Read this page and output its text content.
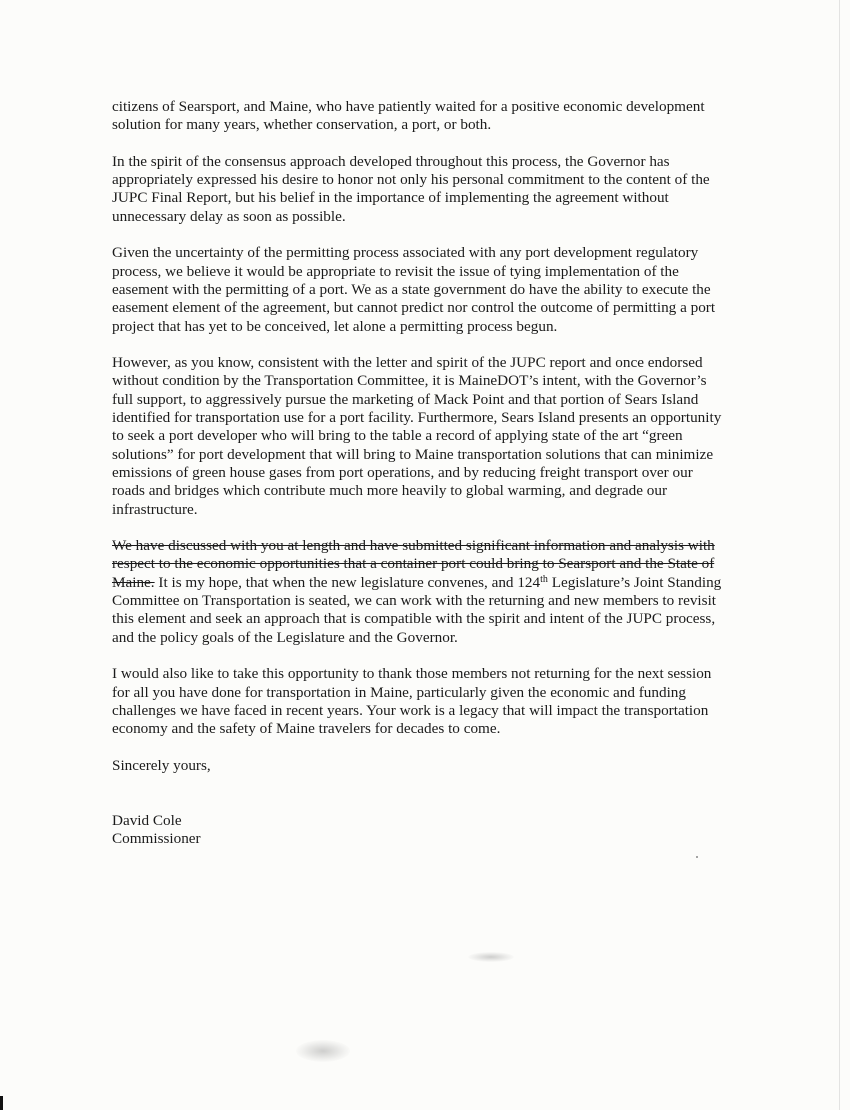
citizens of Searsport, and Maine, who have patiently waited for a positive economic development solution for many years, whether conservation, a port, or both.

In the spirit of the consensus approach developed throughout this process, the Governor has appropriately expressed his desire to honor not only his personal commitment to the content of the JUPC Final Report, but his belief in the importance of implementing the agreement without unnecessary delay as soon as possible.

Given the uncertainty of the permitting process associated with any port development regulatory process, we believe it would be appropriate to revisit the issue of tying implementation of the easement with the permitting of a port. We as a state government do have the ability to execute the easement element of the agreement, but cannot predict nor control the outcome of permitting a port project that has yet to be conceived, let alone a permitting process begun.

However, as you know, consistent with the letter and spirit of the JUPC report and once endorsed without condition by the Transportation Committee, it is MaineDOT’s intent, with the Governor’s full support, to aggressively pursue the marketing of Mack Point and that portion of Sears Island identified for transportation use for a port facility. Furthermore, Sears Island presents an opportunity to seek a port developer who will bring to the table a record of applying state of the art “green solutions” for port development that will bring to Maine transportation solutions that can minimize emissions of green house gases from port operations, and by reducing freight transport over our roads and bridges which contribute much more heavily to global warming, and degrade our infrastructure.

We have discussed with you at length and have submitted significant information and analysis with respect to the economic opportunities that a container port could bring to Searsport and the State of Maine. It is my hope, that when the new legislature convenes, and 124th Legislature’s Joint Standing Committee on Transportation is seated, we can work with the returning and new members to revisit this element and seek an approach that is compatible with the spirit and intent of the JUPC process, and the policy goals of the Legislature and the Governor.

I would also like to take this opportunity to thank those members not returning for the next session for all you have done for transportation in Maine, particularly given the economic and funding challenges we have faced in recent years. Your work is a legacy that will impact the transportation economy and the safety of Maine travelers for decades to come.

Sincerely yours,

David Cole
Commissioner
